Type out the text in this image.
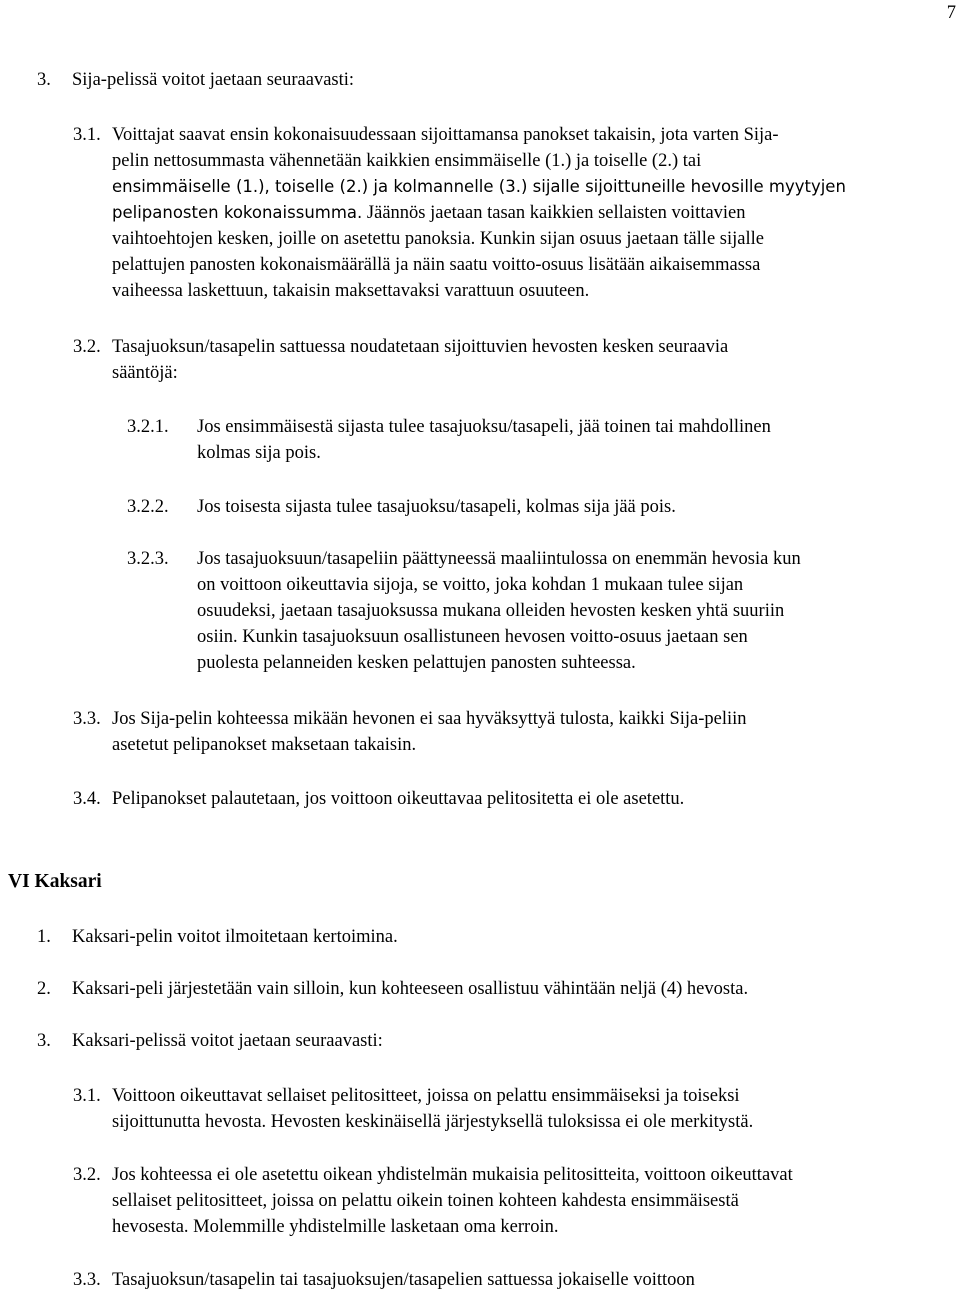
7
3. Sija-pelissä voitot jaetaan seuraavasti:
3.1. Voittajat saavat ensin kokonaisuudessaan sijoittamansa panokset takaisin, jota varten Sija-
pelin nettosummasta vähennetään kaikkien ensimmäiselle (1.) ja toiselle (2.) tai
ensimmäiselle (1.), toiselle (2.) ja kolmannelle (3.) sijalle sijoittuneille hevosille myytyjen
pelipanosten kokonaissumma. Jäännös jaetaan tasan kaikkien sellaisten voittavien
vaihtoehtojen kesken, joille on asetettu panoksia. Kunkin sijan osuus jaetaan tälle sijalle
pelattujen panosten kokonaismäärällä ja näin saatu voitto-osuus lisätään aikaisemmassa
vaiheessa laskettuun, takaisin maksettavaksi varattuun osuuteen.
3.2. Tasajuoksun/tasapelin sattuessa noudatetaan sijoittuvien hevosten kesken seuraavia
sääntöjä:
3.2.1. Jos ensimmäisestä sijasta tulee tasajuoksu/tasapeli, jää toinen tai mahdollinen
kolmas sija pois.
3.2.2. Jos toisesta sijasta tulee tasajuoksu/tasapeli, kolmas sija jää pois.
3.2.3. Jos tasajuoksuun/tasapeliin päättyneessä maaliintulossa on enemmän hevosia kun
on voittoon oikeuttavia sijoja, se voitto, joka kohdan 1 mukaan tulee sijan
osuudeksi, jaetaan tasajuoksussa mukana olleiden hevosten kesken yhtä suuriin
osiin. Kunkin tasajuoksuun osallistuneen hevosen voitto-osuus jaetaan sen
puolesta pelanneiden kesken pelattujen panosten suhteessa.
3.3. Jos Sija-pelin kohteessa mikään hevonen ei saa hyväksyttyä tulosta, kaikki Sija-peliin
asetetut pelipanokset maksetaan takaisin.
3.4. Pelipanokset palautetaan, jos voittoon oikeuttavaa pelitositetta ei ole asetettu.
VI Kaksari
1. Kaksari-pelin voitot ilmoitetaan kertoimina.
2. Kaksari-peli järjestetään vain silloin, kun kohteeseen osallistuu vähintään neljä (4) hevosta.
3. Kaksari-pelissä voitot jaetaan seuraavasti:
3.1. Voittoon oikeuttavat sellaiset pelitositteet, joissa on pelattu ensimmäiseksi ja toiseksi
sijoittunutta hevosta. Hevosten keskinäisellä järjestyksellä tuloksissa ei ole merkitystä.
3.2. Jos kohteessa ei ole asetettu oikean yhdistelmän mukaisia pelitositteita, voittoon oikeuttavat
sellaiset pelitositteet, joissa on pelattu oikein toinen kohteen kahdesta ensimmäisestä
hevosesta. Molemmille yhdistelmille lasketaan oma kerroin.
3.3. Tasajuoksun/tasapelin tai tasajuoksujen/tasapelien sattuessa jokaiselle voittoon
